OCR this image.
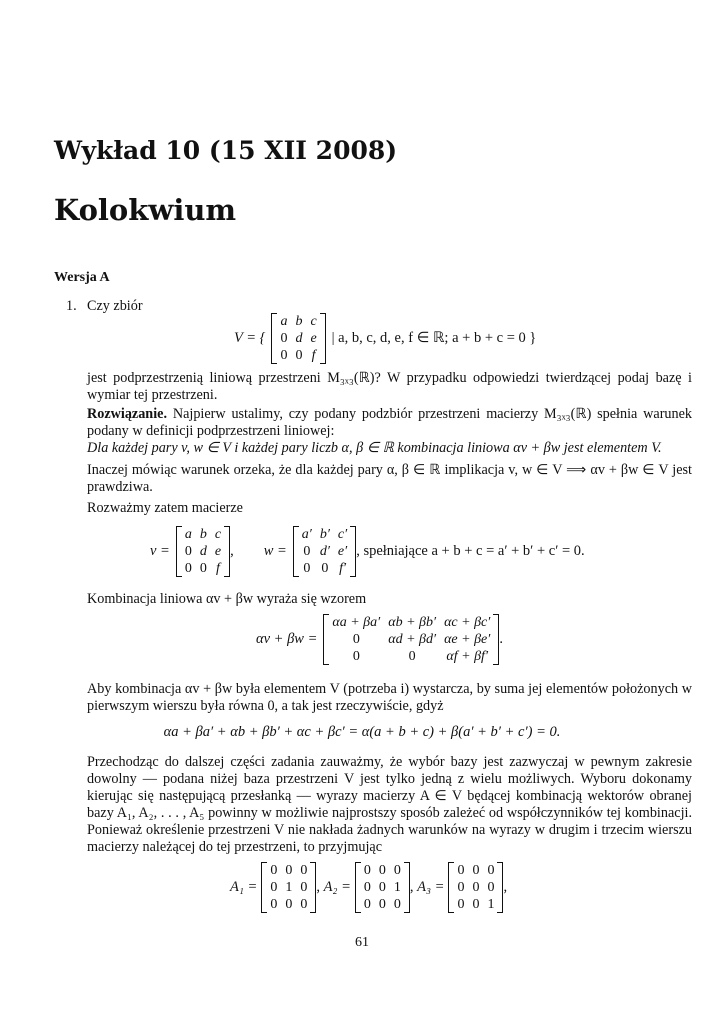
Wykład 10 (15 XII 2008)
Kolokwium
Wersja A
1. Czy zbiór
V = {
a	b	c
0	d	e
0	0	f
| a, b, c, d, e, f ∈ ℝ; a + b + c = 0 }
jest podprzestrzenią liniową przestrzeni M₃ₓ₃(ℝ)? W przypadku odpowiedzi twierdzącej podaj bazę i wymiar tej przestrzeni.
Rozwiązanie. Najpierw ustalimy, czy podany podzbiór przestrzeni macierzy M₃ₓ₃(ℝ) spełnia warunek podany w definicji podprzestrzeni liniowej:
Dla każdej pary v, w ∈ V i każdej pary liczb α, β ∈ ℝ kombinacja liniowa αv + βw jest elementem V.
Inaczej mówiąc warunek orzeka, że dla każdej pary α, β ∈ ℝ implikacja v, w ∈ V ⟹ αv + βw ∈ V jest prawdziwa.
Rozważmy zatem macierze
v =
a	b	c
0	d	e
0	0	f
, w =
a′	b′	c′
0	d′	e′
0	0	f′
, spełniające a + b + c = a′ + b′ + c′ = 0.
Kombinacja liniowa αv + βw wyraża się wzorem
αv + βw =
αa + βa′	αb + βb′	αc + βc′
0	αd + βd′	αe + βe′
0	0	αf + βf′
.
Aby kombinacja αv + βw była elementem V (potrzeba i) wystarcza, by suma jej elementów położonych w pierwszym wierszu była równa 0, a tak jest rzeczywiście, gdyż
αa + βa′ + αb + βb′ + αc + βc′ = α(a + b + c) + β(a′ + b′ + c′) = 0.
Przechodząc do dalszej części zadania zauważmy, że wybór bazy jest zazwyczaj w pewnym zakresie dowolny — podana niżej baza przestrzeni V jest tylko jedną z wielu możliwych. Wyboru dokonamy kierując się następującą przesłanką — wyrazy macierzy A ∈ V będącej kombinacją wektorów obranej bazy A₁, A₂, . . . , A₅ powinny w możliwie najprostszy sposób zależeć od współczynników tej kombinacji. Ponieważ określenie przestrzeni V nie nakłada żadnych warunków na wyrazy w drugim i trzecim wierszu macierzy należącej do tej przestrzeni, to przyjmując
A₁ =
0	0	0
0	1	0
0	0	0
, A₂ =
0	0	0
0	0	1
0	0	0
, A₃ =
0	0	0
0	0	0
0	0	1
,
61
